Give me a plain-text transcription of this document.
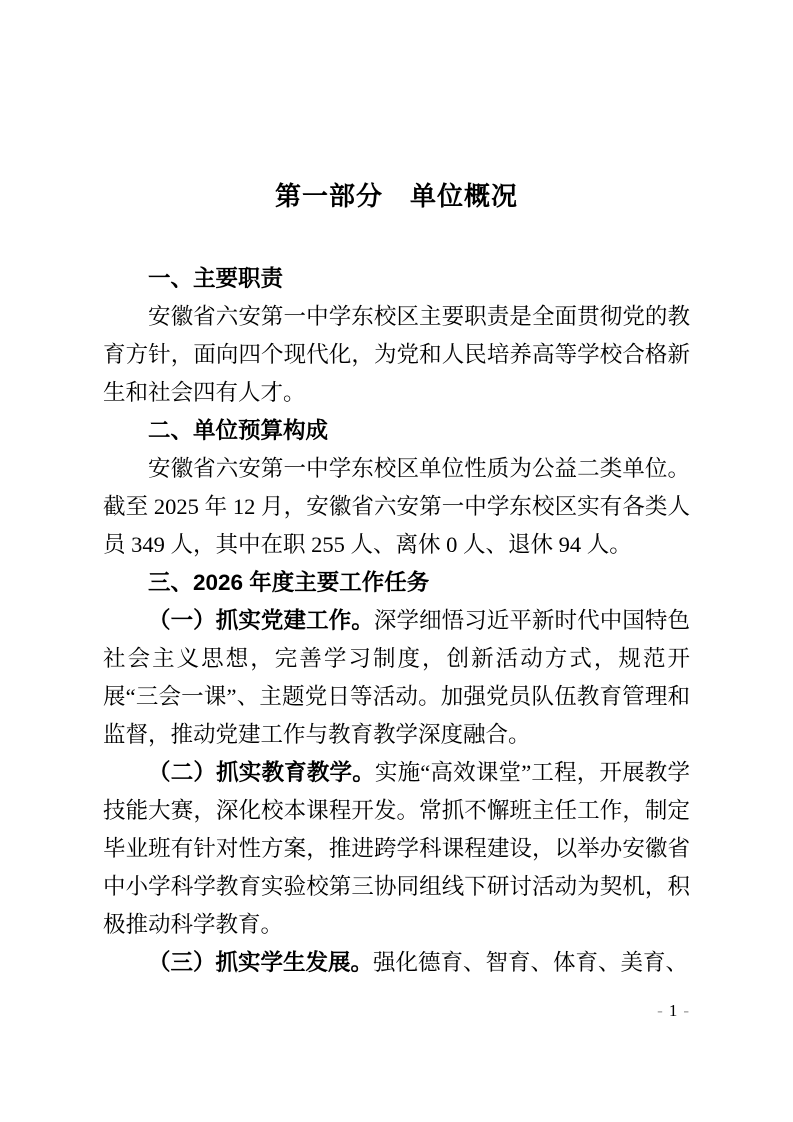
第一部分　单位概况

一、主要职责

安徽省六安第一中学东校区主要职责是全面贯彻党的教育方针，面向四个现代化，为党和人民培养高等学校合格新生和社会四有人才。

二、单位预算构成

安徽省六安第一中学东校区单位性质为公益二类单位。截至 2025 年 12 月，安徽省六安第一中学东校区实有各类人员 349 人，其中在职 255 人、离休 0 人、退休 94 人。

三、2026 年度主要工作任务

（一）抓实党建工作。深学细悟习近平新时代中国特色社会主义思想，完善学习制度，创新活动方式，规范开展“三会一课”、主题党日等活动。加强党员队伍教育管理和监督，推动党建工作与教育教学深度融合。

（二）抓实教育教学。实施“高效课堂”工程，开展教学技能大赛，深化校本课程开发。常抓不懈班主任工作，制定毕业班有针对性方案，推进跨学科课程建设，以举办安徽省中小学科学教育实验校第三协同组线下研讨活动为契机，积极推动科学教育。

（三）抓实学生发展。强化德育、智育、体育、美育、

- 1 -
